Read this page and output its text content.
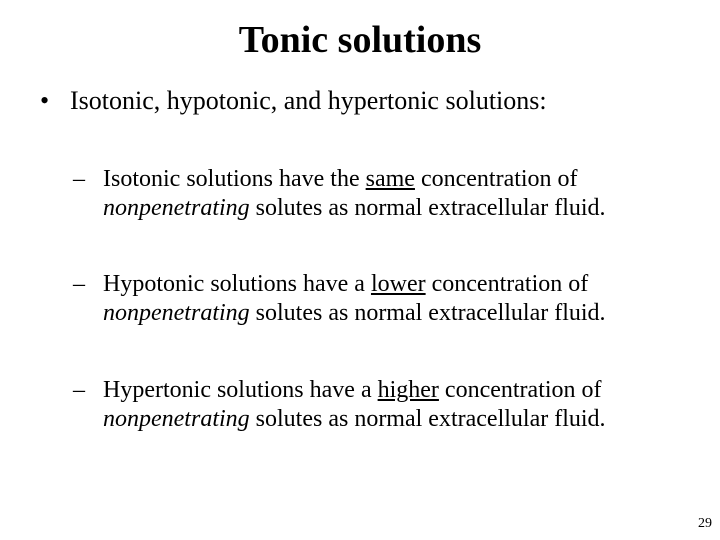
Tonic solutions
• Isotonic, hypotonic, and hypertonic solutions:
– Isotonic solutions have the same concentration of
nonpenetrating solutes as normal extracellular fluid.
– Hypotonic solutions have a lower concentration of
nonpenetrating solutes as normal extracellular fluid.
– Hypertonic solutions have a higher concentration of
nonpenetrating solutes as normal extracellular fluid.
29
